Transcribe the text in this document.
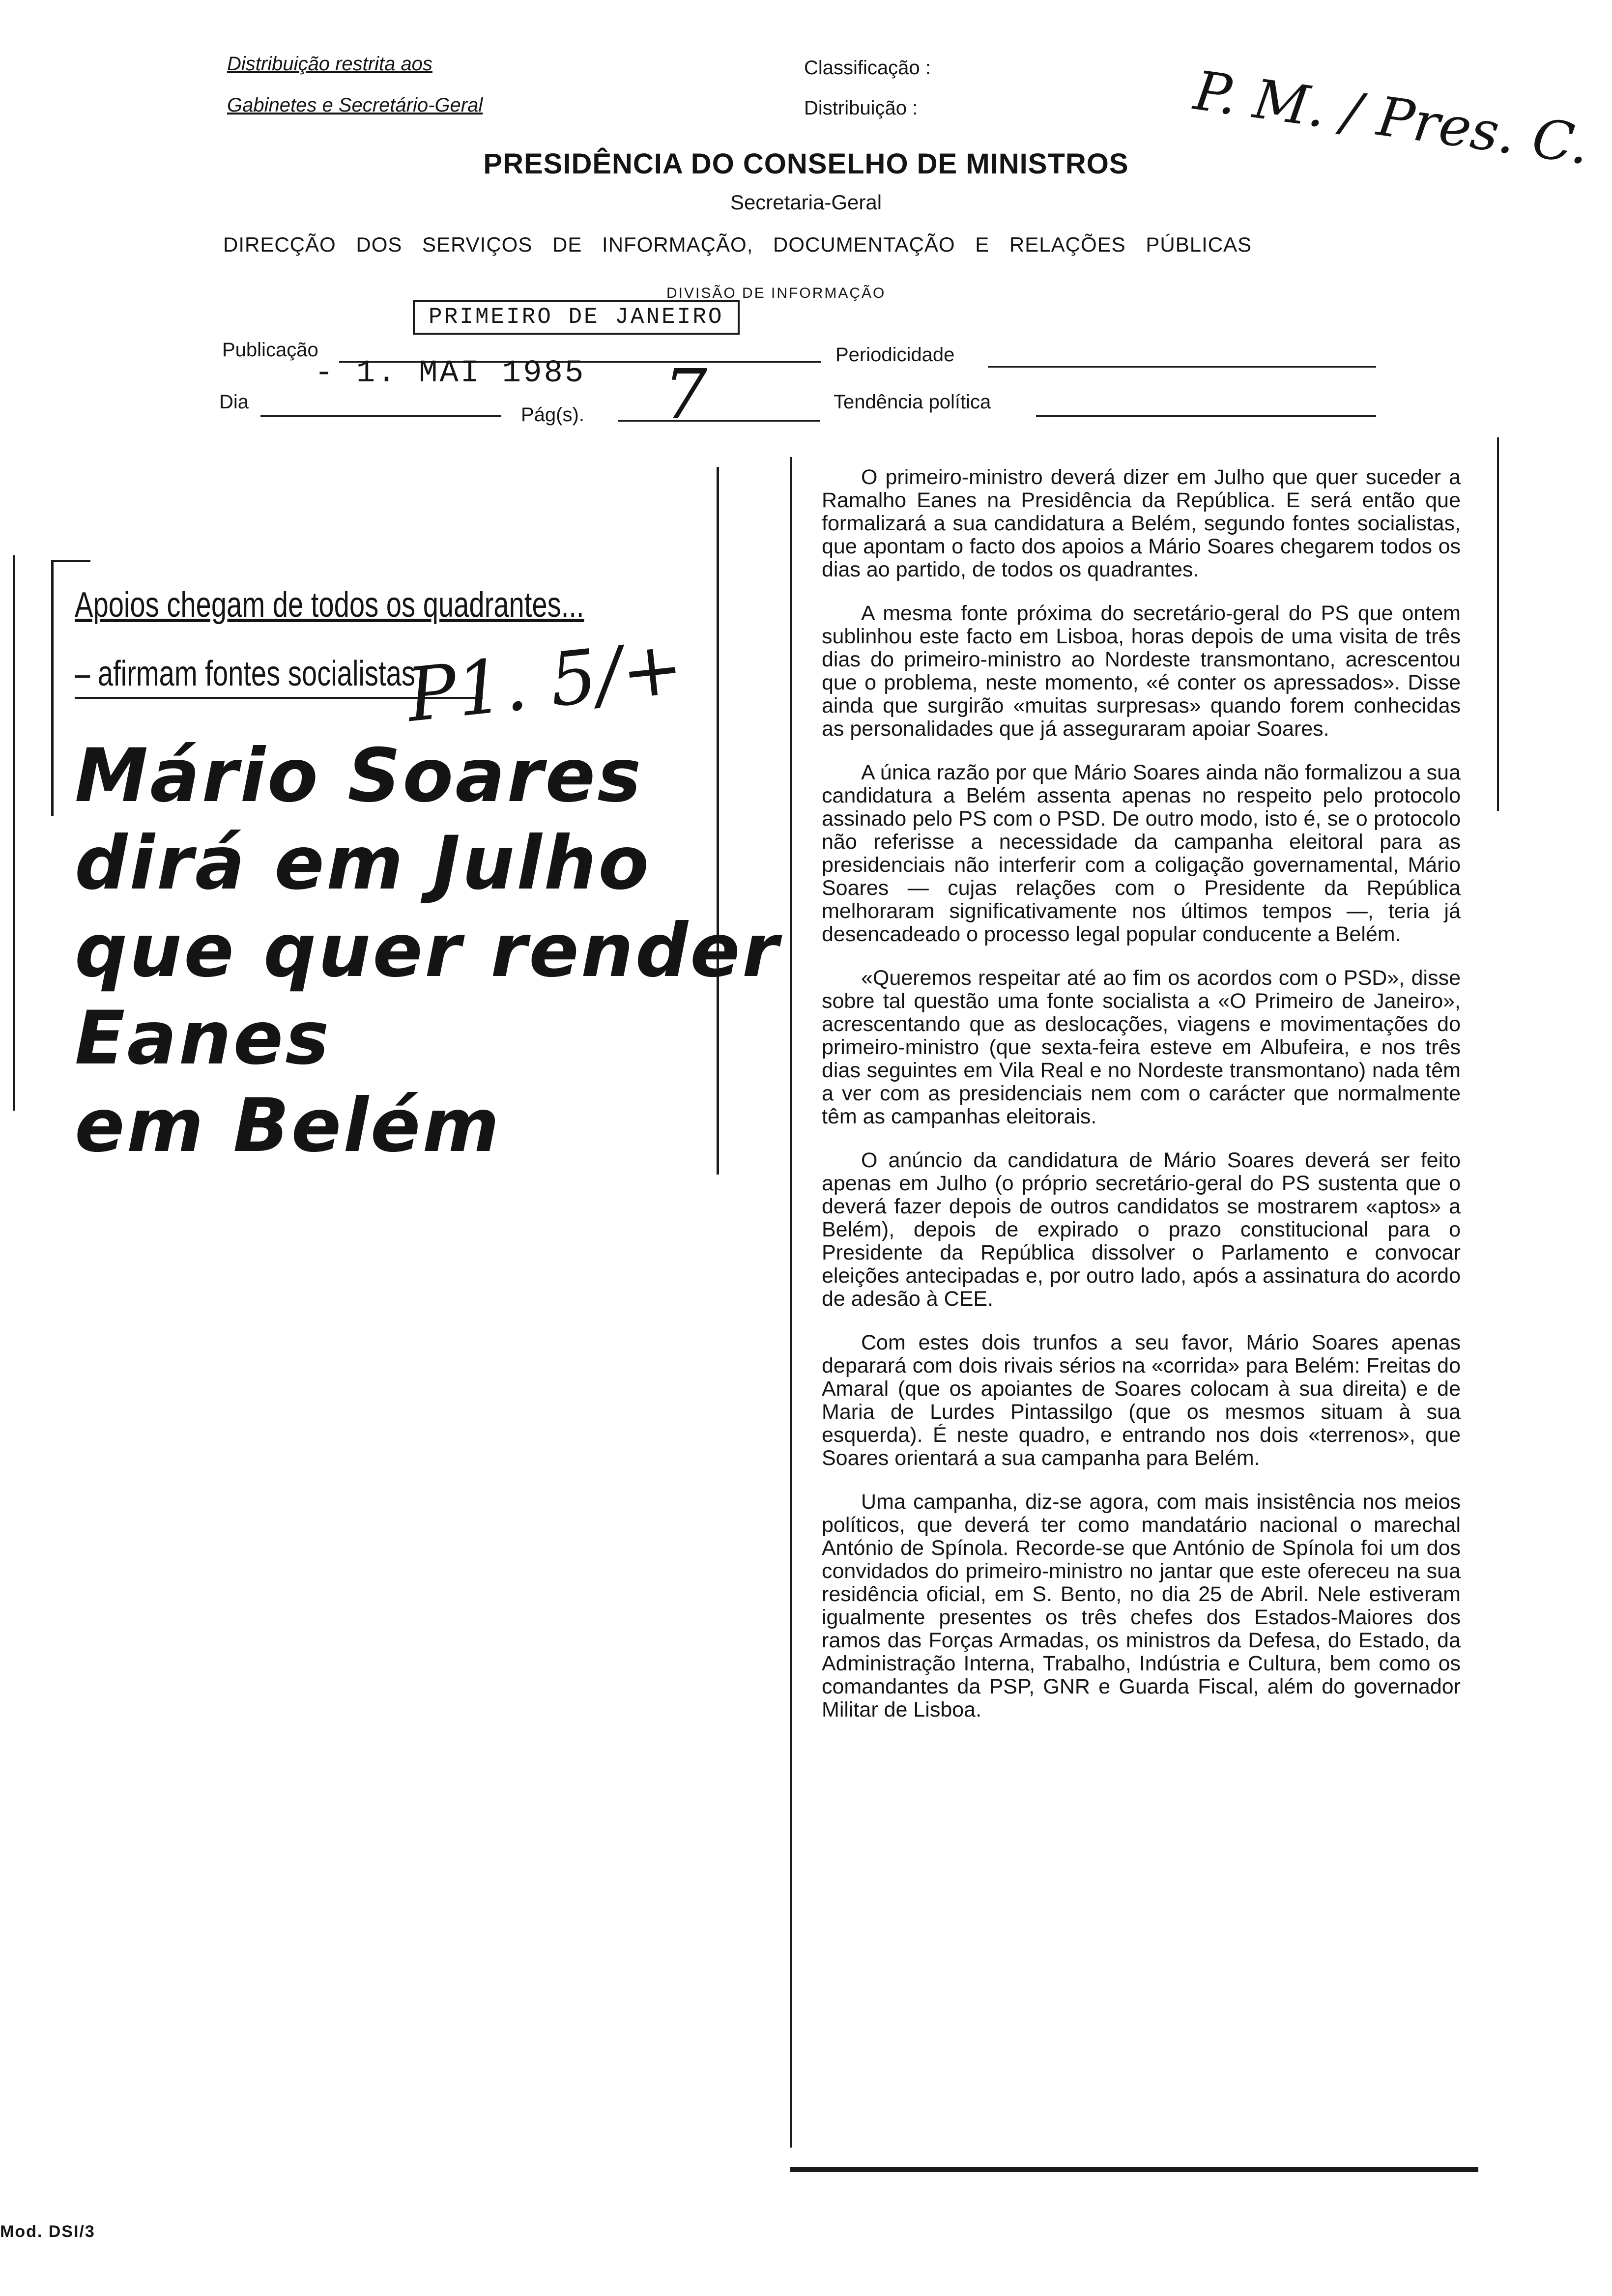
Distribuição restrita aos
Gabinetes e Secretário-Geral
Classificação :
Distribuição :	P. M. / Pres. C.
PRESIDÊNCIA DO CONSELHO DE MINISTROS
Secretaria-Geral
DIRECÇÃO DOS SERVIÇOS DE INFORMAÇÃO, DOCUMENTAÇÃO E RELAÇÕES PÚBLICAS
DIVISÃO DE INFORMAÇÃO
Publicação
PRIMEIRO DE JANEIRO
Periodicidade
Dia
- 1. MAI 1985
Pág(s). 7	Tendência política
Apoios chegam de todos os quadrantes...
– afirmam fontes socialistas
P1. 5/+
Mário Soares
dirá em Julho
que quer render
Eanes
em Belém

O primeiro-ministro deverá dizer em Julho que quer suceder a Ramalho Eanes na Presidência da República. E será então que formalizará a sua candidatura a Belém, segundo fontes socialistas, que apontam o facto dos apoios a Mário Soares chegarem todos os dias ao partido, de todos os quadrantes.

A mesma fonte próxima do secretário-geral do PS que ontem sublinhou este facto em Lisboa, horas depois de uma visita de três dias do primeiro-ministro ao Nordeste transmontano, acrescentou que o problema, neste momento, «é conter os apressados». Disse ainda que surgirão «muitas surpresas» quando forem conhecidas as personalidades que já asseguraram apoiar Soares.

A única razão por que Mário Soares ainda não formalizou a sua candidatura a Belém assenta apenas no respeito pelo protocolo assinado pelo PS com o PSD. De outro modo, isto é, se o protocolo não referisse a necessidade da campanha eleitoral para as presidenciais não interferir com a coligação governamental, Mário Soares — cujas relações com o Presidente da República melhoraram significativamente nos últimos tempos —, teria já desencadeado o processo legal popular conducente a Belém.

«Queremos respeitar até ao fim os acordos com o PSD», disse sobre tal questão uma fonte socialista a «O Primeiro de Janeiro», acrescentando que as deslocações, viagens e movimentações do primeiro-ministro (que sexta-feira esteve em Albufeira, e nos três dias seguintes em Vila Real e no Nordeste transmontano) nada têm a ver com as presidenciais nem com o carácter que normalmente têm as campanhas eleitorais.

O anúncio da candidatura de Mário Soares deverá ser feito apenas em Julho (o próprio secretário-geral do PS sustenta que o deverá fazer depois de outros candidatos se mostrarem «aptos» a Belém), depois de expirado o prazo constitucional para o Presidente da República dissolver o Parlamento e convocar eleições antecipadas e, por outro lado, após a assinatura do acordo de adesão à CEE.

Com estes dois trunfos a seu favor, Mário Soares apenas deparará com dois rivais sérios na «corrida» para Belém: Freitas do Amaral (que os apoiantes de Soares colocam à sua direita) e de Maria de Lurdes Pintassilgo (que os mesmos situam à sua esquerda). É neste quadro, e entrando nos dois «terrenos», que Soares orientará a sua campanha para Belém.

Uma campanha, diz-se agora, com mais insistência nos meios políticos, que deverá ter como mandatário nacional o marechal António de Spínola. Recorde-se que António de Spínola foi um dos convidados do primeiro-ministro no jantar que este ofereceu na sua residência oficial, em S. Bento, no dia 25 de Abril. Nele estiveram igualmente presentes os três chefes dos Estados-Maiores dos ramos das Forças Armadas, os ministros da Defesa, do Estado, da Administração Interna, Trabalho, Indústria e Cultura, bem como os comandantes da PSP, GNR e Guarda Fiscal, além do governador Militar de Lisboa.

Mod. DSI/3
